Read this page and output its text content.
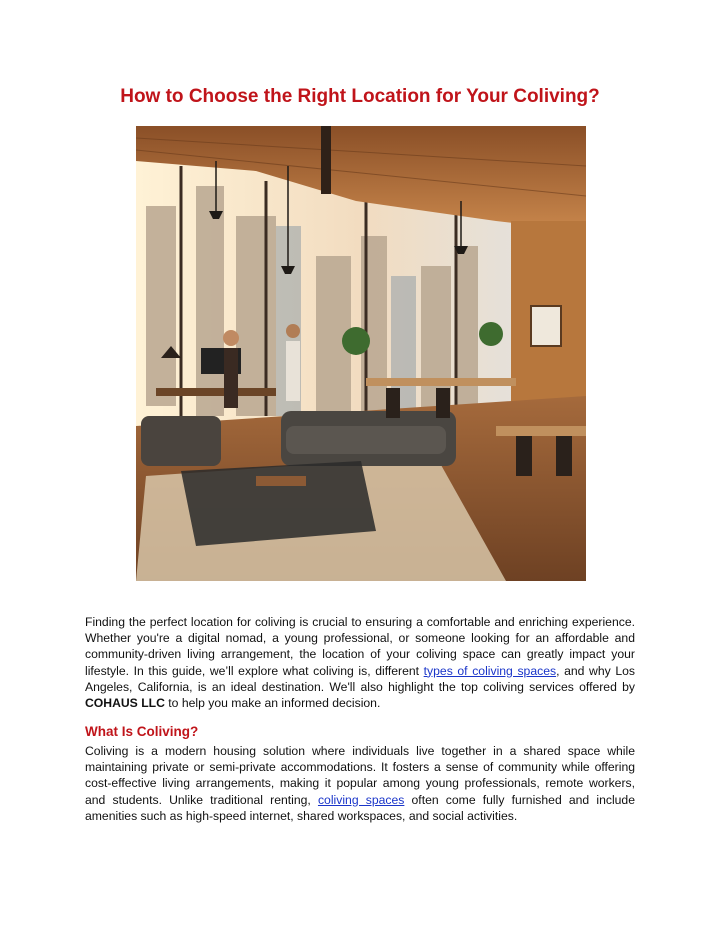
How to Choose the Right Location for Your Coliving?

Finding the perfect location for coliving is crucial to ensuring a comfortable and enriching experience. Whether you're a digital nomad, a young professional, or someone looking for an affordable and community-driven living arrangement, the location of your coliving space can greatly impact your lifestyle. In this guide, we’ll explore what coliving is, different types of coliving spaces, and why Los Angeles, California, is an ideal destination. We'll also highlight the top coliving services offered by COHAUS LLC to help you make an informed decision.

What Is Coliving?

Coliving is a modern housing solution where individuals live together in a shared space while maintaining private or semi-private accommodations. It fosters a sense of community while offering cost-effective living arrangements, making it popular among young professionals, remote workers, and students. Unlike traditional renting, coliving spaces often come fully furnished and include amenities such as high-speed internet, shared workspaces, and social activities.
